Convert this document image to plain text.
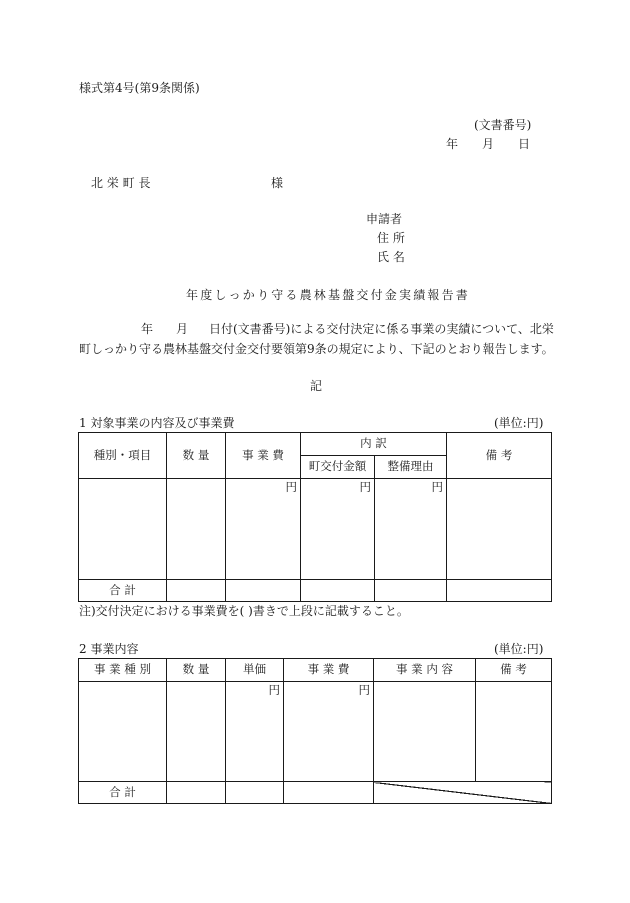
様式第4号(第9条関係)
(文書番号)
年 月 日
北 栄 町 長	様
申請者
住 所
氏 名
年度しっかり守る農林基盤交付金実績報告書
年 月 日付(文書番号)による交付決定に係る事業の実績について、北栄
町しっかり守る農林基盤交付金交付要領第9条の規定により、下記のとおり報告します。
記
1 対象事業の内容及び事業費	(単位:円)
種別・項目	数 量	事 業 費	内 訳		備 考
			町交付金額	整備理由	
		円	円	円	
合 計					
注)交付決定における事業費を( )書きで上段に記載すること。
2 事業内容	(単位:円)
事 業 種 別	数 量	単価	事 業 費	事 業 内 容	備 考
		円	円		
合 計					
